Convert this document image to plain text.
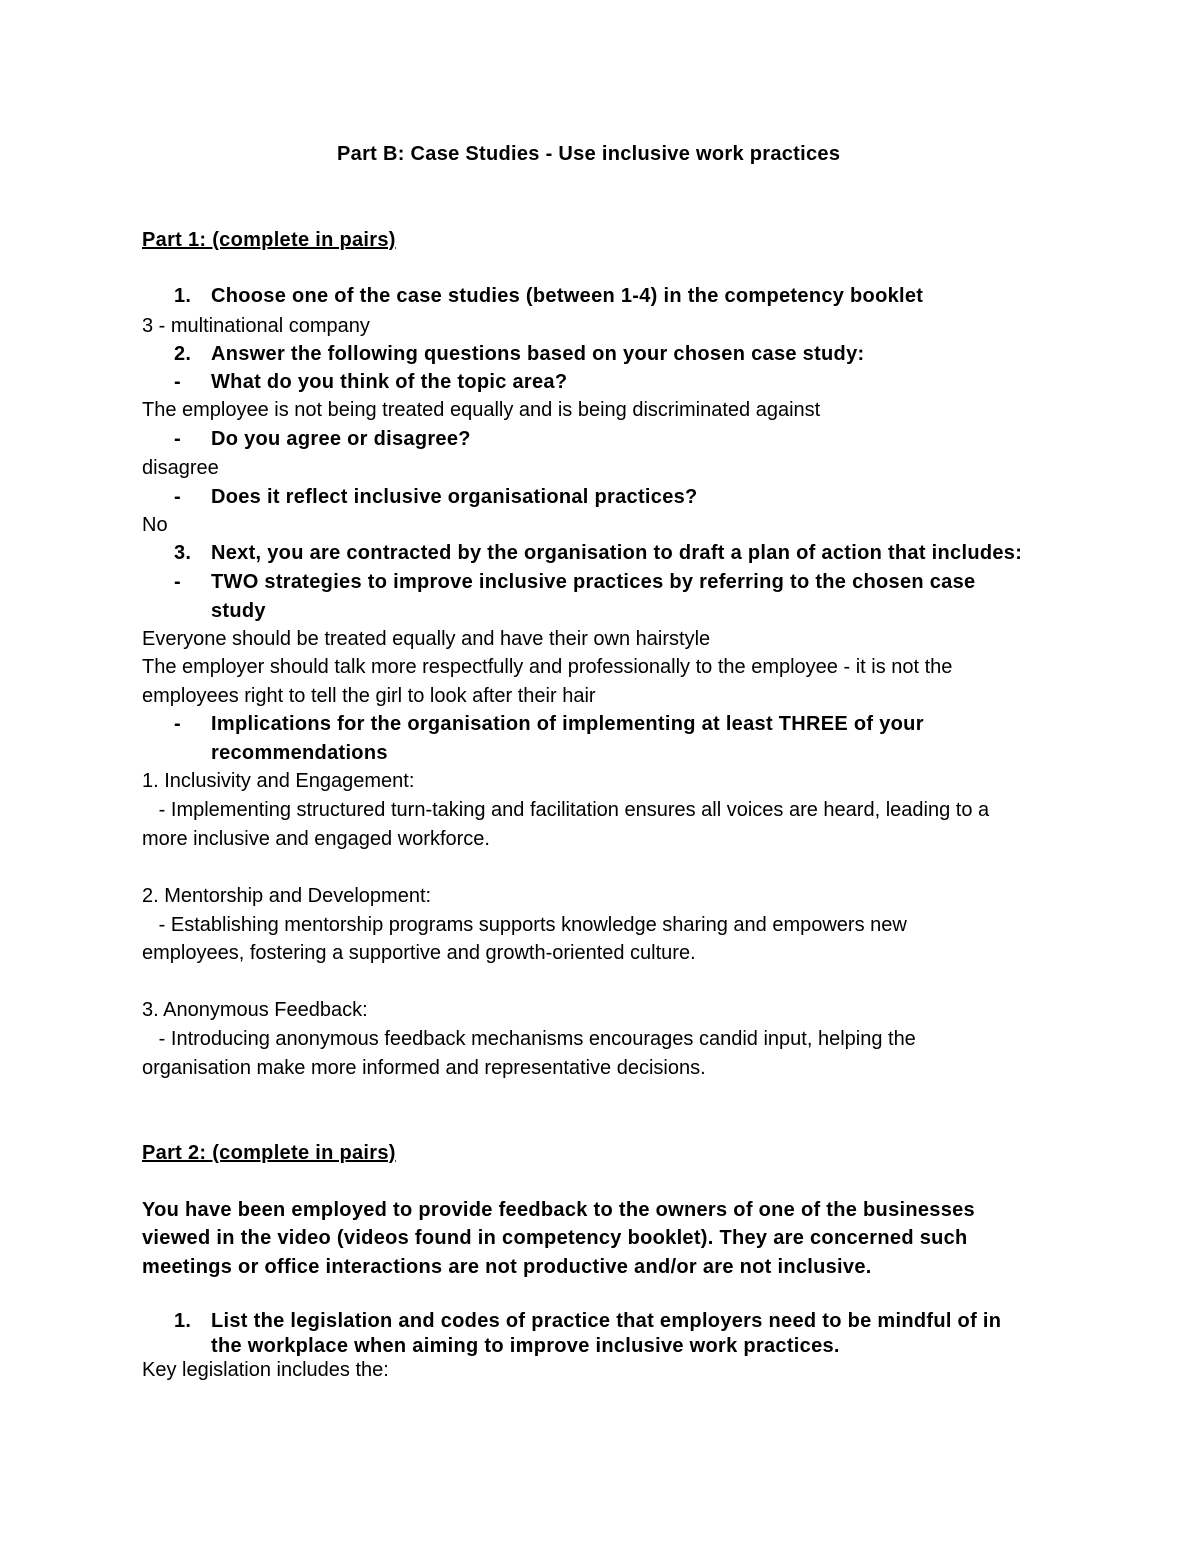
Part B: Case Studies - Use inclusive work practices
Part 1: (complete in pairs)
1. Choose one of the case studies (between 1-4) in the competency booklet
3 - multinational company
2. Answer the following questions based on your chosen case study:
-	What do you think of the topic area?
The employee is not being treated equally and is being discriminated against
-	Do you agree or disagree?
disagree
-	Does it reflect inclusive organisational practices?
No
3. Next, you are contracted by the organisation to draft a plan of action that includes:
-	TWO strategies to improve inclusive practices by referring to the chosen case
study
Everyone should be treated equally and have their own hairstyle
The employer should talk more respectfully and professionally to the employee - it is not the
employees right to tell the girl to look after their hair
-	Implications for the organisation of implementing at least THREE of your
recommendations
1. Inclusivity and Engagement:
- Implementing structured turn-taking and facilitation ensures all voices are heard, leading to a
more inclusive and engaged workforce.
2. Mentorship and Development:
- Establishing mentorship programs supports knowledge sharing and empowers new
employees, fostering a supportive and growth-oriented culture.
3. Anonymous Feedback:
- Introducing anonymous feedback mechanisms encourages candid input, helping the
organisation make more informed and representative decisions.
Part 2: (complete in pairs)
You have been employed to provide feedback to the owners of one of the businesses
viewed in the video (videos found in competency booklet). They are concerned such
meetings or office interactions are not productive and/or are not inclusive.
1. List the legislation and codes of practice that employers need to be mindful of in
the workplace when aiming to improve inclusive work practices.
Key legislation includes the:
